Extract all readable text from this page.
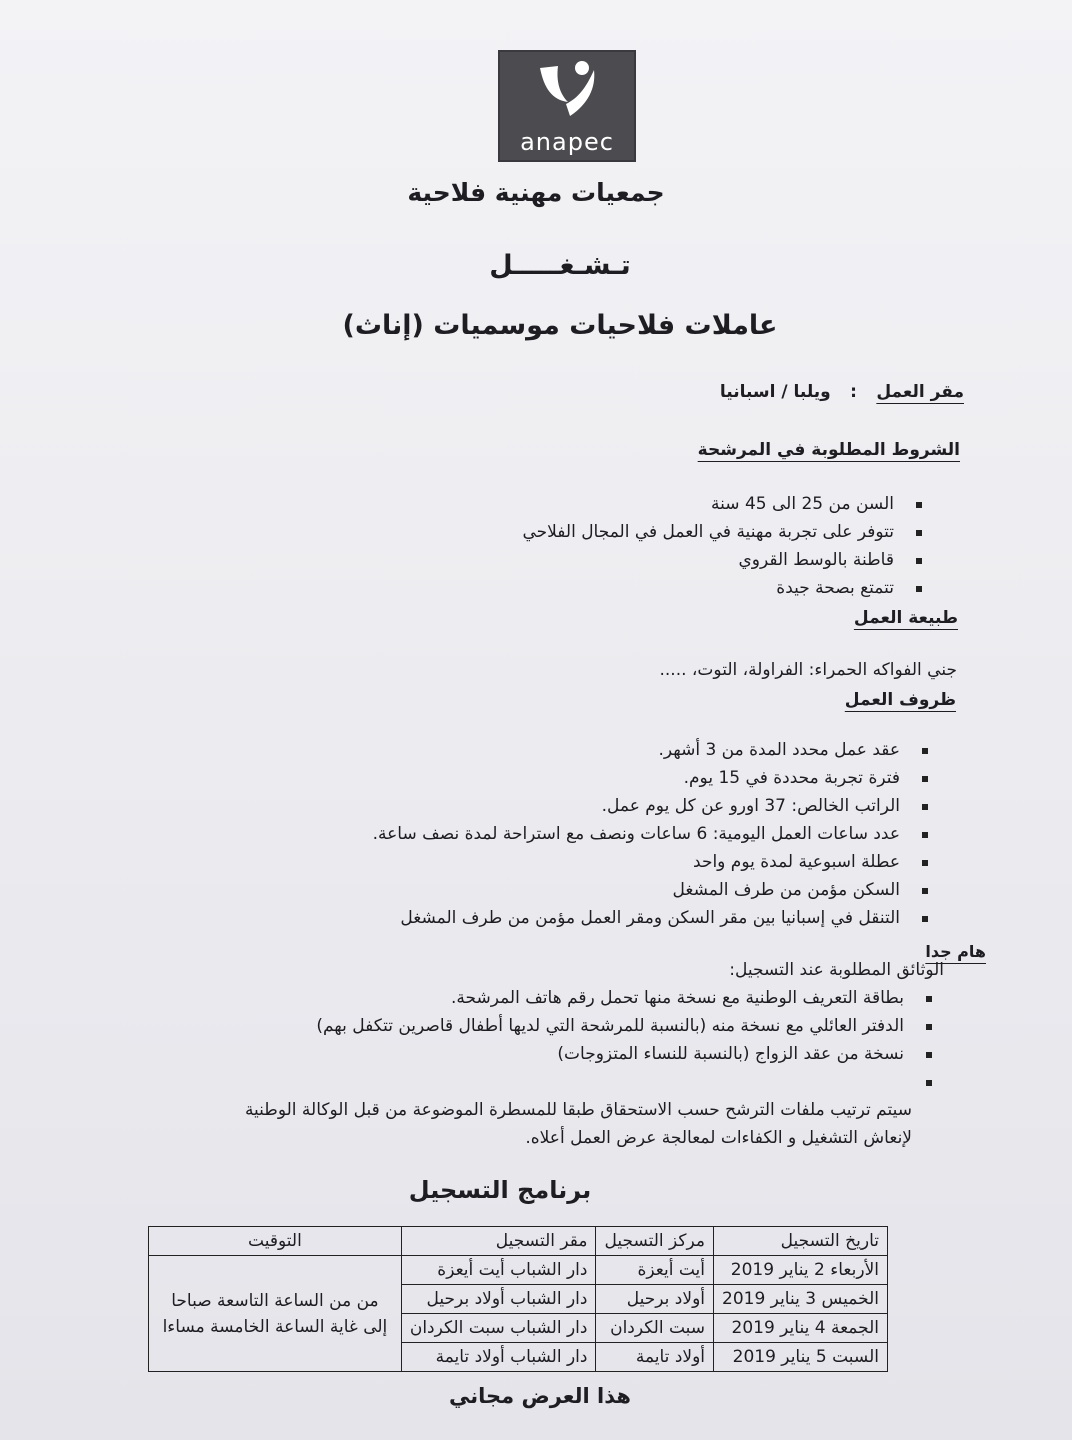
anapec
جمعيات مهنية فلاحية
تـشـغـــــل
عاملات فلاحيات موسميات (إناث)
مقر العمل : ويلبا / اسبانيا
الشروط المطلوبة في المرشحة
السن من 25 الى 45 سنة
تتوفر على تجربة مهنية في العمل في المجال الفلاحي
قاطنة بالوسط القروي
تتمتع بصحة جيدة
طبيعة العمل
جني الفواكه الحمراء: الفراولة، التوت، .....
ظروف العمل
عقد عمل محدد المدة من 3 أشهر.
فترة تجربة محددة في 15 يوم.
الراتب الخالص: 37 اورو عن كل يوم عمل.
عدد ساعات العمل اليومية: 6 ساعات ونصف مع استراحة لمدة نصف ساعة.
عطلة اسبوعية لمدة يوم واحد
السكن مؤمن من طرف المشغل
التنقل في إسبانيا بين مقر السكن ومقر العمل مؤمن من طرف المشغل
هام جدا
الوثائق المطلوبة عند التسجيل:
بطاقة التعريف الوطنية مع نسخة منها تحمل رقم هاتف المرشحة.
الدفتر العائلي مع نسخة منه (بالنسبة للمرشحة التي لديها أطفال قاصرين تتكفل بهم)
نسخة من عقد الزواج (بالنسبة للنساء المتزوجات)
سيتم ترتيب ملفات الترشح حسب الاستحقاق طبقا للمسطرة الموضوعة من قبل الوكالة الوطنية لإنعاش التشغيل و الكفاءات لمعالجة عرض العمل أعلاه.
برنامج التسجيل
تاريخ التسجيل	مركز التسجيل	مقر التسجيل	التوقيت
الأربعاء 2 يناير 2019	أيت أيعزة	دار الشباب أيت أيعزة	من من الساعة التاسعة صباحا إلى غاية الساعة الخامسة مساءا
الخميس 3 يناير 2019	أولاد برحيل	دار الشباب أولاد برحيل	
الجمعة 4 يناير 2019	سبت الكردان	دار الشباب سبت الكردان	
السبت 5 يناير 2019	أولاد تايمة	دار الشباب أولاد تايمة	
هذا العرض مجاني
